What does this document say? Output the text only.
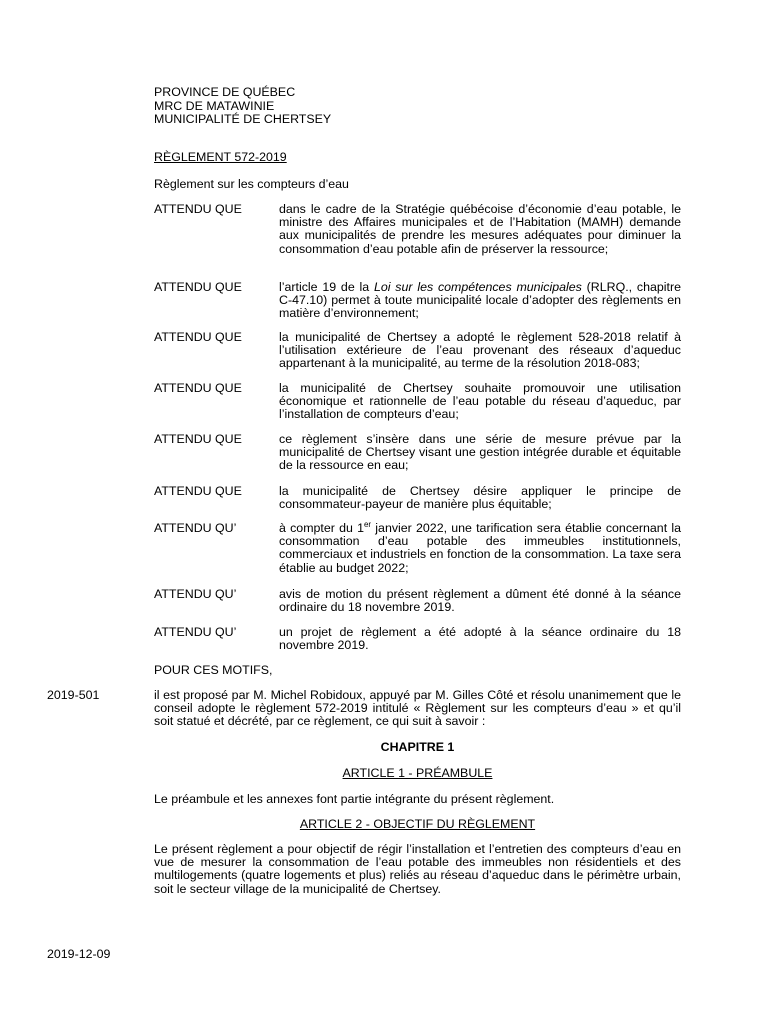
PROVINCE DE QUÉBEC
MRC DE MATAWINIE
MUNICIPALITÉ DE CHERTSEY
RÈGLEMENT 572-2019
Règlement sur les compteurs d’eau
ATTENDU QUE	dans le cadre de la Stratégie québécoise d’économie d’eau potable, le ministre des Affaires municipales et de l’Habitation (MAMH) demande aux municipalités de prendre les mesures adéquates pour diminuer la consommation d’eau potable afin de préserver la ressource;
ATTENDU QUE	l’article 19 de la Loi sur les compétences municipales (RLRQ., chapitre C-47.10) permet à toute municipalité locale d’adopter des règlements en matière d’environnement;
ATTENDU QUE	la municipalité de Chertsey a adopté le règlement 528-2018 relatif à l’utilisation extérieure de l’eau provenant des réseaux d’aqueduc appartenant à la municipalité, au terme de la résolution 2018-083;
ATTENDU QUE	la municipalité de Chertsey souhaite promouvoir une utilisation économique et rationnelle de l’eau potable du réseau d’aqueduc, par l’installation de compteurs d’eau;
ATTENDU QUE	ce règlement s’insère dans une série de mesure prévue par la municipalité de Chertsey visant une gestion intégrée durable et équitable de la ressource en eau;
ATTENDU QUE	la municipalité de Chertsey désire appliquer le principe de consommateur-payeur de manière plus équitable;
ATTENDU QU’	à compter du 1er janvier 2022, une tarification sera établie concernant la consommation d’eau potable des immeubles institutionnels, commerciaux et industriels en fonction de la consommation. La taxe sera établie au budget 2022;
ATTENDU QU’	avis de motion du présent règlement a dûment été donné à la séance ordinaire du 18 novembre 2019.
ATTENDU QU’	un projet de règlement a été adopté à la séance ordinaire du 18 novembre 2019.
POUR CES MOTIFS,
2019-501	il est proposé par M. Michel Robidoux, appuyé par M. Gilles Côté et résolu unanimement que le conseil adopte le règlement 572-2019 intitulé « Règlement sur les compteurs d’eau » et qu’il soit statué et décrété, par ce règlement, ce qui suit à savoir :
CHAPITRE 1
ARTICLE 1 - PRÉAMBULE
Le préambule et les annexes font partie intégrante du présent règlement.
ARTICLE 2 - OBJECTIF DU RÈGLEMENT
Le présent règlement a pour objectif de régir l’installation et l’entretien des compteurs d’eau en vue de mesurer la consommation de l’eau potable des immeubles non résidentiels et des multilogements (quatre logements et plus) reliés au réseau d’aqueduc dans le périmètre urbain, soit le secteur village de la municipalité de Chertsey.
2019-12-09
